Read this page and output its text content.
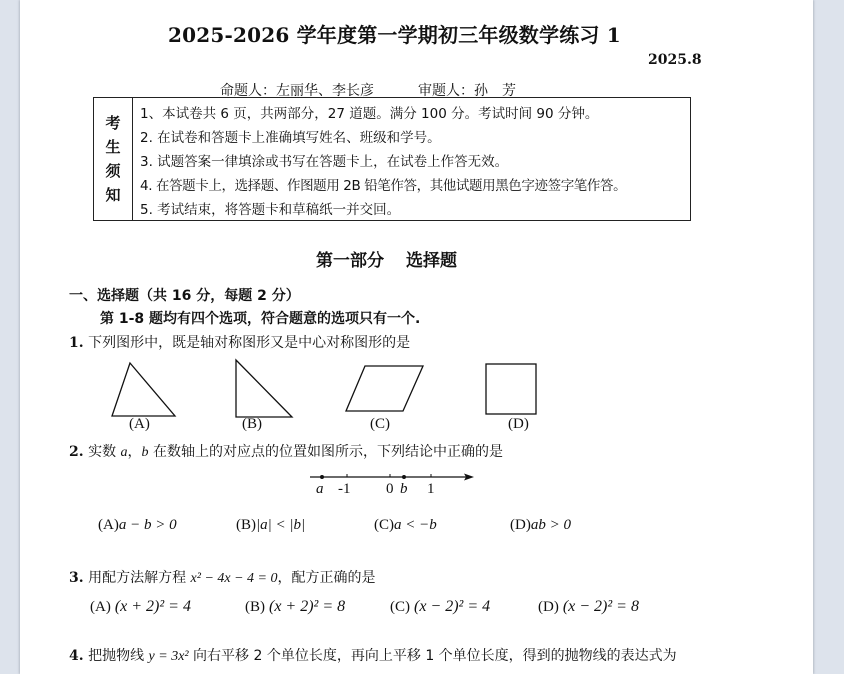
2025-2026 学年度第一学期初三年级数学练习 1
2025.8
命题人：左丽华、李长彦	审题人：孙　芳
考
生
须
知
1、本试卷共 6 页，共两部分，27 道题。满分 100 分。考试时间 90 分钟。
2. 在试卷和答题卡上准确填写姓名、班级和学号。
3. 试题答案一律填涂或书写在答题卡上，在试卷上作答无效。
4. 在答题卡上，选择题、作图题用 2B 铅笔作答，其他试题用黑色字迹签字笔作答。
5. 考试结束，将答题卡和草稿纸一并交回。
第一部分 选择题
一、选择题（共 16 分，每题 2 分）
第 1-8 题均有四个选项，符合题意的选项只有一个.
1. 下列图形中，既是轴对称图形又是中心对称图形的是
(A)	(B)	(C)	(D)
2. 实数 a，b 在数轴上的对应点的位置如图所示，下列结论中正确的是
a -1 0 b 1
(A)a − b > 0	(B)|a| < |b|	(C)a < −b	(D)ab > 0
3. 用配方法解方程 x² − 4x − 4 = 0，配方正确的是
(A) (x + 2)² = 4	(B) (x + 2)² = 8	(C) (x − 2)² = 4	(D) (x − 2)² = 8
4. 把抛物线 y = 3x² 向右平移 2 个单位长度，再向上平移 1 个单位长度，得到的抛物线的表达式为
